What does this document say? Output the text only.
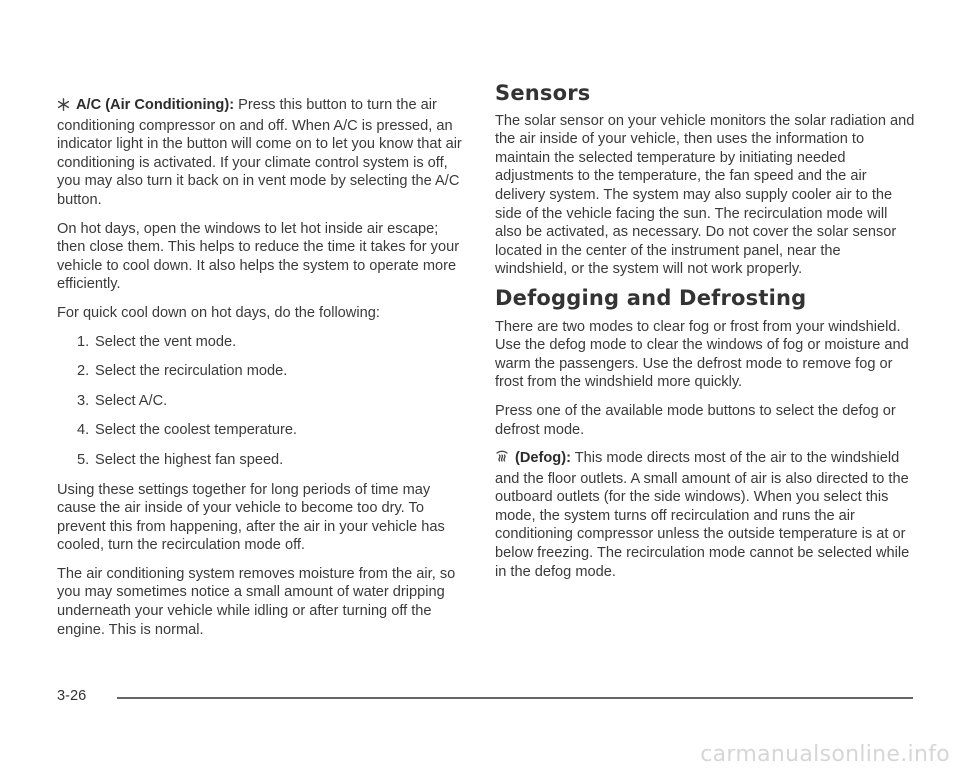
A/C (Air Conditioning): Press this button to turn the air conditioning compressor on and off. When A/C is pressed, an indicator light in the button will come on to let you know that air conditioning is activated. If your climate control system is off, you may also turn it back on in vent mode by selecting the A/C button.

On hot days, open the windows to let hot inside air escape; then close them. This helps to reduce the time it takes for your vehicle to cool down. It also helps the system to operate more efficiently.

For quick cool down on hot days, do the following:

1. Select the vent mode.
2. Select the recirculation mode.
3. Select A/C.
4. Select the coolest temperature.
5. Select the highest fan speed.

Using these settings together for long periods of time may cause the air inside of your vehicle to become too dry. To prevent this from happening, after the air in your vehicle has cooled, turn the recirculation mode off.

The air conditioning system removes moisture from the air, so you may sometimes notice a small amount of water dripping underneath your vehicle while idling or after turning off the engine. This is normal.

Sensors

The solar sensor on your vehicle monitors the solar radiation and the air inside of your vehicle, then uses the information to maintain the selected temperature by initiating needed adjustments to the temperature, the fan speed and the air delivery system. The system may also supply cooler air to the side of the vehicle facing the sun. The recirculation mode will also be activated, as necessary. Do not cover the solar sensor located in the center of the instrument panel, near the windshield, or the system will not work properly.

Defogging and Defrosting

There are two modes to clear fog or frost from your windshield. Use the defog mode to clear the windows of fog or moisture and warm the passengers. Use the defrost mode to remove fog or frost from the windshield more quickly.

Press one of the available mode buttons to select the defog or defrost mode.

(Defog): This mode directs most of the air to the windshield and the floor outlets. A small amount of air is also directed to the outboard outlets (for the side windows). When you select this mode, the system turns off recirculation and runs the air conditioning compressor unless the outside temperature is at or below freezing. The recirculation mode cannot be selected while in the defog mode.

3-26
carmanualsonline.info
